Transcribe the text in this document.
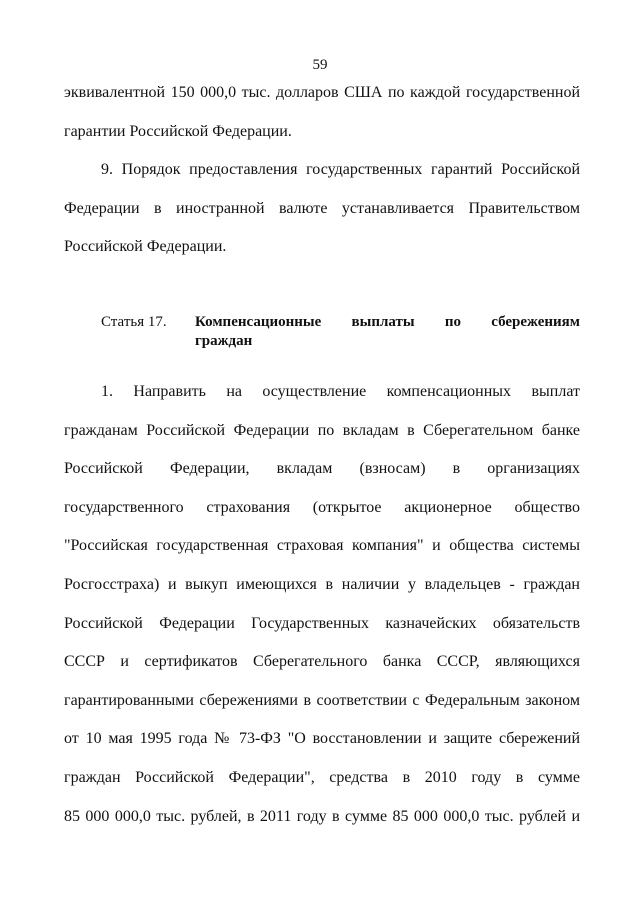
59
эквивалентной 150 000,0 тыс. долларов США по каждой государственной
гарантии Российской Федерации.
9. Порядок предоставления государственных гарантий Российской
Федерации в иностранной валюте устанавливается Правительством
Российской Федерации.
Статья 17. Компенсационные выплаты по сбережениям
граждан
1. Направить на осуществление компенсационных выплат
гражданам Российской Федерации по вкладам в Сберегательном банке
Российской Федерации, вкладам (взносам) в организациях
государственного страхования (открытое акционерное общество
"Российская государственная страховая компания" и общества системы
Росгосстраха) и выкуп имеющихся в наличии у владельцев - граждан
Российской Федерации Государственных казначейских обязательств
СССР и сертификатов Сберегательного банка СССР, являющихся
гарантированными сбережениями в соответствии с Федеральным законом
от 10 мая 1995 года № 73-ФЗ "О восстановлении и защите сбережений
граждан Российской Федерации", средства в 2010 году в сумме
85 000 000,0 тыс. рублей, в 2011 году в сумме 85 000 000,0 тыс. рублей и
